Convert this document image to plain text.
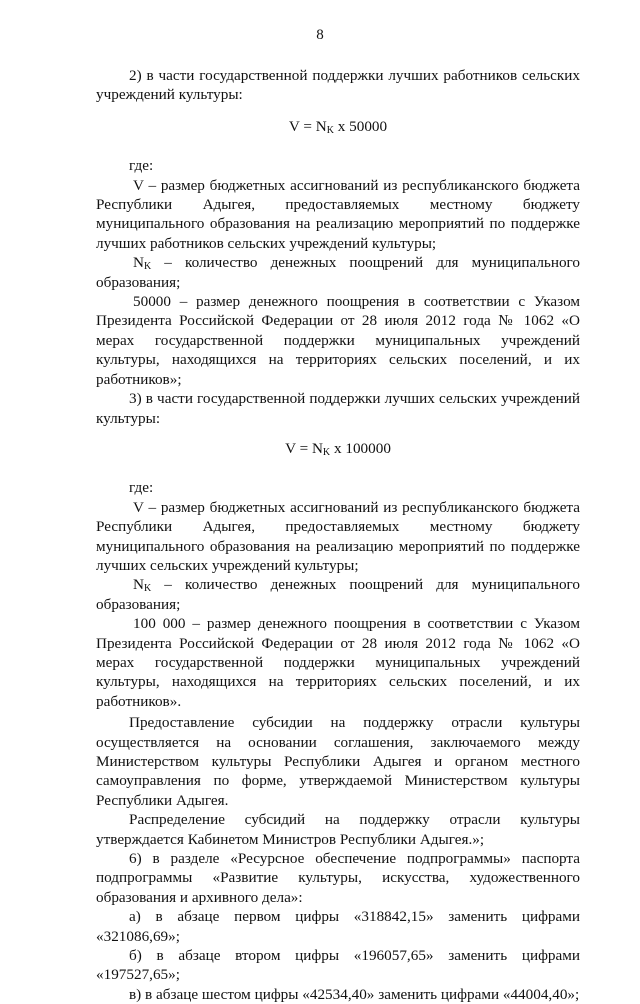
8

2) в части государственной поддержки лучших работников сельских учреждений культуры:

$V = N_K$ x 50000

где:

V – размер бюджетных ассигнований из республиканского бюджета Республики Адыгея, предоставляемых местному бюджету муниципального образования на реализацию мероприятий по поддержке лучших работников сельских учреждений культуры;

$N_K$ – количество денежных поощрений для муниципального образования;

50000 – размер денежного поощрения в соответствии с Указом Президента Российской Федерации от 28 июля 2012 года № 1062 «О мерах государственной поддержки муниципальных учреждений культуры, находящихся на территориях сельских поселений, и их работников»;

3) в части государственной поддержки лучших сельских учреждений культуры:

$V = N_K$ x 100000

где:

V – размер бюджетных ассигнований из республиканского бюджета Республики Адыгея, предоставляемых местному бюджету муниципального образования на реализацию мероприятий по поддержке лучших сельских учреждений культуры;

$N_K$ – количество денежных поощрений для муниципального образования;

100 000 – размер денежного поощрения в соответствии с Указом Президента Российской Федерации от 28 июля 2012 года № 1062 «О мерах государственной поддержки муниципальных учреждений культуры, находящихся на территориях сельских поселений, и их работников».

Предоставление субсидии на поддержку отрасли культуры осуществляется на основании соглашения, заключаемого между Министерством культуры Республики Адыгея и органом местного самоуправления по форме, утверждаемой Министерством культуры Республики Адыгея.

Распределение субсидий на поддержку отрасли культуры утверждается Кабинетом Министров Республики Адыгея.»;

6) в разделе «Ресурсное обеспечение подпрограммы» паспорта подпрограммы «Развитие культуры, искусства, художественного образования и архивного дела»:

а) в абзаце первом цифры «318842,15» заменить цифрами «321086,69»;

б) в абзаце втором цифры «196057,65» заменить цифрами «197527,65»;

в) в абзаце шестом цифры «42534,40» заменить цифрами «44004,40»;
